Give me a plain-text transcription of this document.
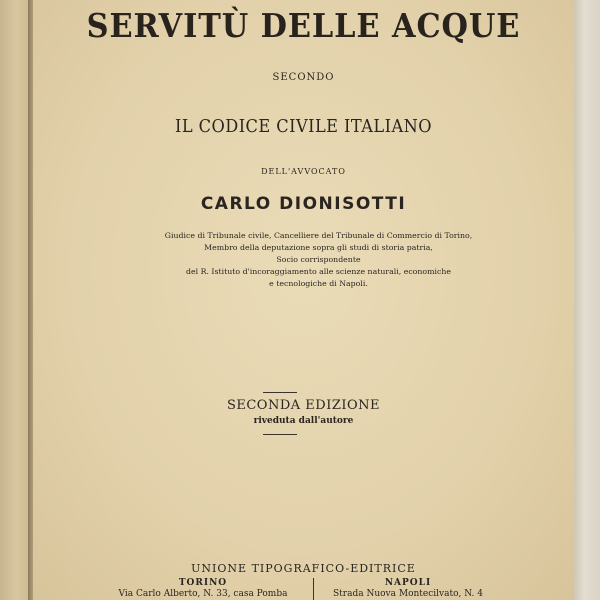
SERVITÙ DELLE ACQUE
SECONDO
IL CODICE CIVILE ITALIANO
DELL'AVVOCATO
CARLO DIONISOTTI
Giudice di Tribunale civile, Cancelliere del Tribunale di Commercio di Torino,
Membro della deputazione sopra gli studi di storia patria,
Socio corrispondente
del R. Istituto d'incoraggiamento alle scienze naturali, economiche
e tecnologiche di Napoli.
SECONDA EDIZIONE
riveduta dall'autore
UNIONE TIPOGRAFICO-EDITRICE
TORINO
Via Carlo Alberto, N. 33, casa Pomba
NAPOLI
Strada Nuova Montecilvato, N. 4
